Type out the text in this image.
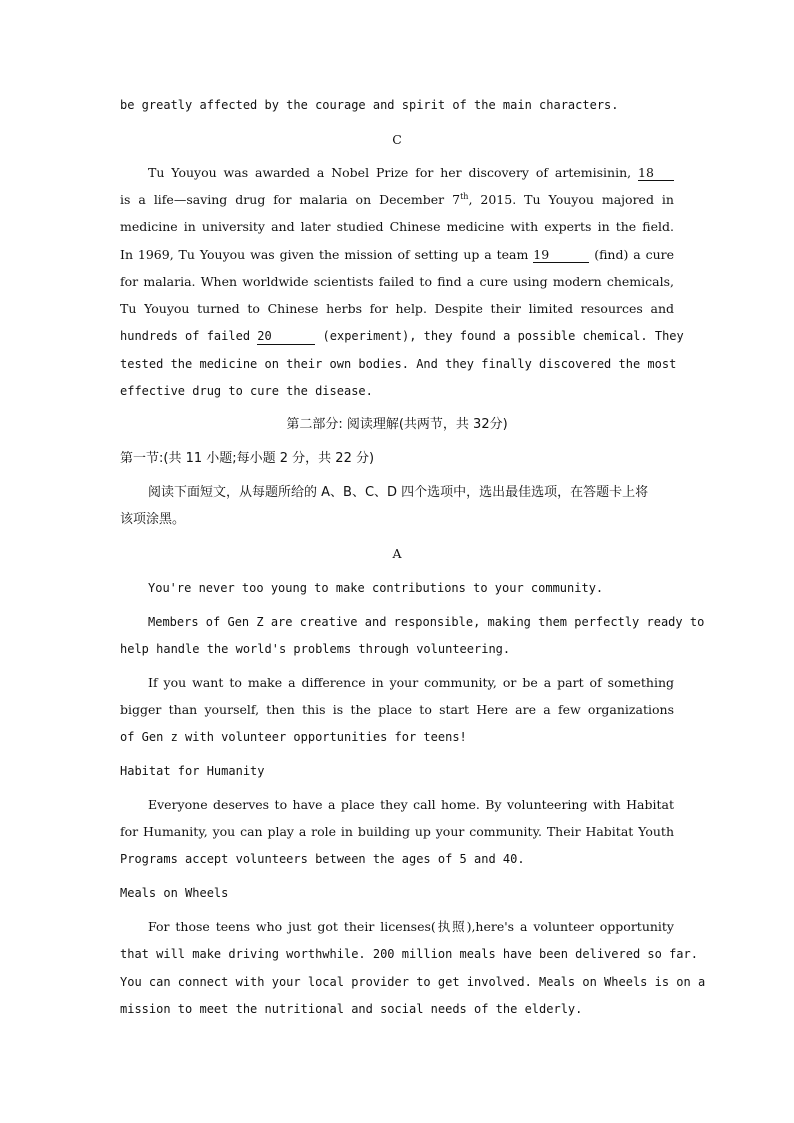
be greatly affected by the courage and spirit of the main characters.
C
Tu Youyou was awarded a Nobel Prize for her discovery of artemisinin, 18
is a life—saving drug for malaria on December 7th, 2015. Tu Youyou majored in
medicine in university and later studied Chinese medicine with experts in the field.
In 1969, Tu Youyou was given the mission of setting up a team 19	(find) a cure
for malaria. When worldwide scientists failed to find a cure using modern chemicals,
Tu Youyou turned to Chinese herbs for help. Despite their limited resources and
hundreds of failed 20	(experiment), they found a possible chemical. They
tested the medicine on their own bodies. And they finally discovered the most
effective drug to cure the disease.
第二部分: 阅读理解(共两节，共 32分)
第一节:(共 11 小题;每小题 2 分，共 22 分)
阅读下面短文，从每题所给的 A、B、C、D 四个选项中，选出最佳选项，在答题卡上将
该项涂黑。
A
You're never too young to make contributions to your community.
Members of Gen Z are creative and responsible, making them perfectly ready to
help handle the world's problems through volunteering.
If you want to make a difference in your community, or be a part of something
bigger than yourself, then this is the place to start Here are a few organizations
of Gen z with volunteer opportunities for teens!
Habitat for Humanity
Everyone deserves to have a place they call home. By volunteering with Habitat
for Humanity, you can play a role in building up your community. Their Habitat Youth
Programs accept volunteers between the ages of 5 and 40.
Meals on Wheels
For those teens who just got their licenses(执照),here's a volunteer opportunity
that will make driving worthwhile. 200 million meals have been delivered so far.
You can connect with your local provider to get involved. Meals on Wheels is on a
mission to meet the nutritional and social needs of the elderly.
